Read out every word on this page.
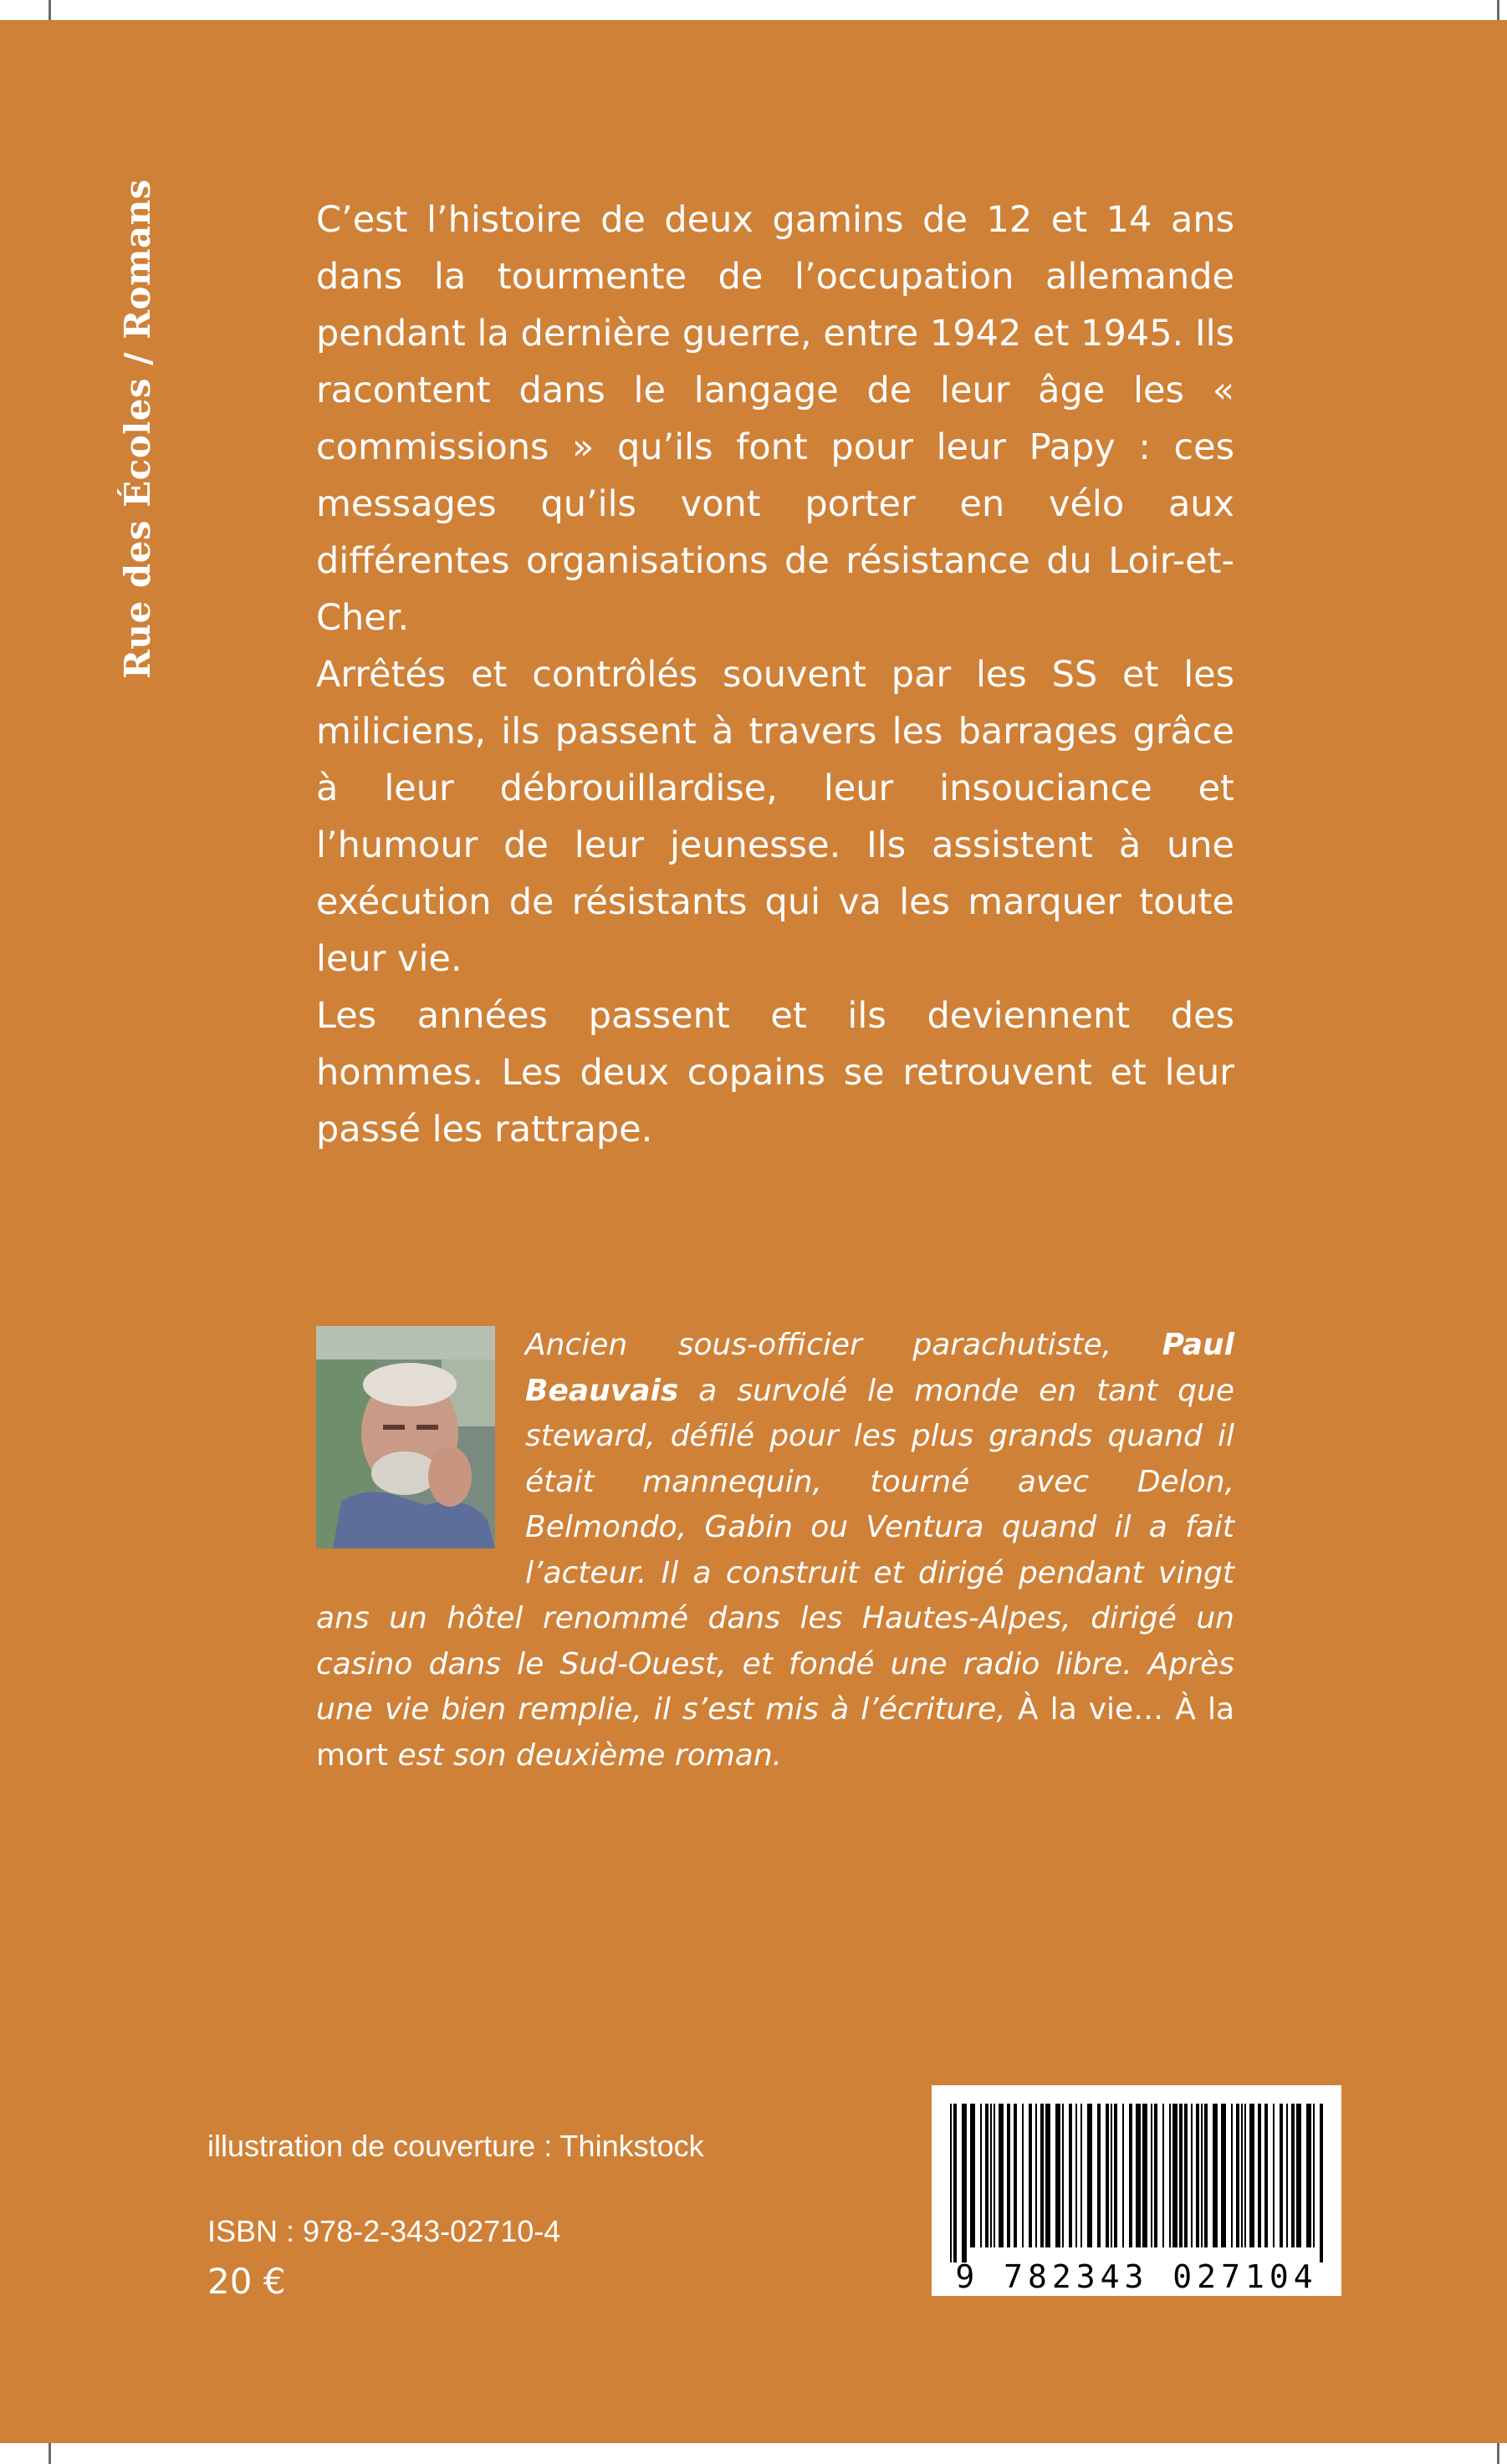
Rue des Écoles / Romans	C’est l’histoire de deux gamins de 12 et 14 ans dans la tourmente de l’occupation allemande pendant la dernière guerre, entre 1942 et 1945. Ils racontent dans le langage de leur âge les « commissions » qu’ils font pour leur Papy : ces messages qu’ils vont porter en vélo aux différentes organisations de résistance du Loir-et-Cher.

Arrêtés et contrôlés souvent par les SS et les miliciens, ils passent à travers les barrages grâce à leur débrouillardise, leur insouciance et l’humour de leur jeunesse. Ils assistent à une exécution de résistants qui va les marquer toute leur vie.

Les années passent et ils deviennent des hommes. Les deux copains se retrouvent et leur passé les rattrape.

Ancien sous-officier parachutiste, Paul Beauvais a survolé le monde en tant que steward, défilé pour les plus grands quand il était mannequin, tourné avec Delon, Belmondo, Gabin ou Ventura quand il a fait l’acteur. Il a construit et dirigé pendant vingt ans un hôtel renommé dans les Hautes-Alpes, dirigé un casino dans le Sud-Ouest, et fondé une radio libre. Après une vie bien remplie, il s’est mis à l’écriture, À la vie… À la mort est son deuxième roman.
illustration de couverture : Thinkstock
ISBN : 978-2-343-02710-4
20 €	9 782343 027104
